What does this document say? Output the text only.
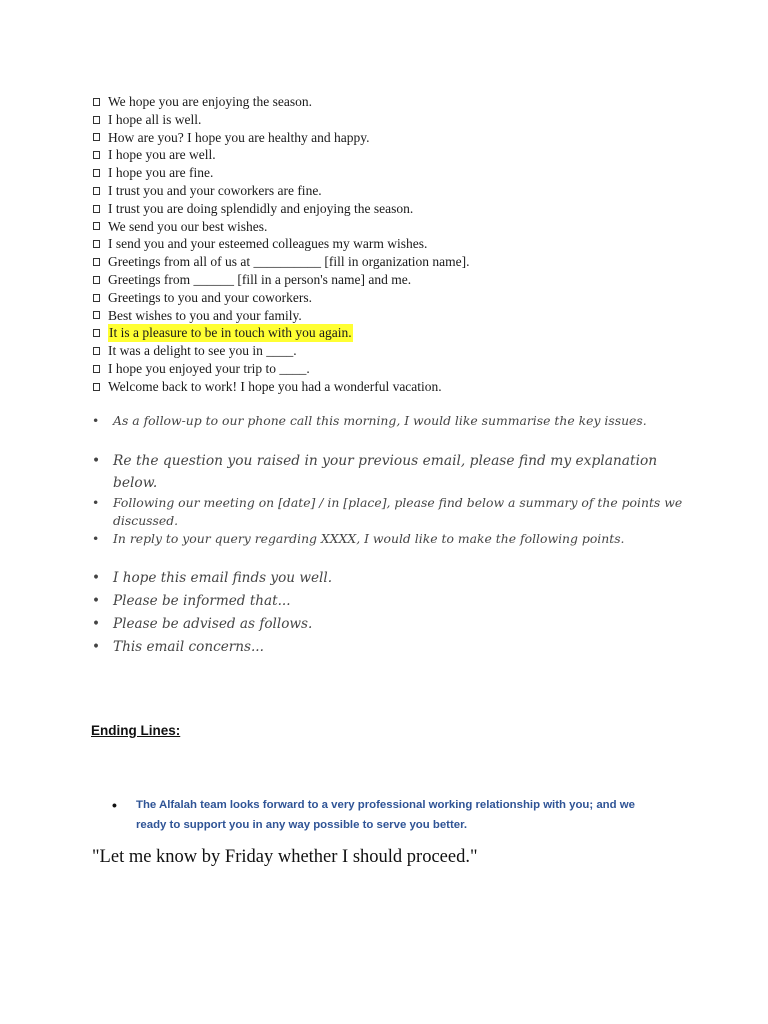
We hope you are enjoying the season.
I hope all is well.
How are you? I hope you are healthy and happy.
I hope you are well.
I hope you are fine.
I trust you and your coworkers are fine.
I trust you are doing splendidly and enjoying the season.
We send you our best wishes.
I send you and your esteemed colleagues my warm wishes.
Greetings from all of us at __________ [fill in organization name].
Greetings from ______ [fill in a person's name] and me.
Greetings to you and your coworkers.
Best wishes to you and your family.
It is a pleasure to be in touch with you again.
It was a delight to see you in ____.
I hope you enjoyed your trip to ____.
Welcome back to work! I hope you had a wonderful vacation.
• As a follow-up to our phone call this morning, I would like summarise the key issues.
• Re the question you raised in your previous email, please find my explanation
below.
• Following our meeting on [date] / in [place], please find below a summary of the points we
discussed.
• In reply to your query regarding XXXX, I would like to make the following points.
• I hope this email finds you well.
• Please be informed that...
• Please be advised as follows.
• This email concerns...
Ending Lines:
• The Alfalah team looks forward to a very professional working relationship with you; and we
ready to support you in any way possible to serve you better.
"Let me know by Friday whether I should proceed."
